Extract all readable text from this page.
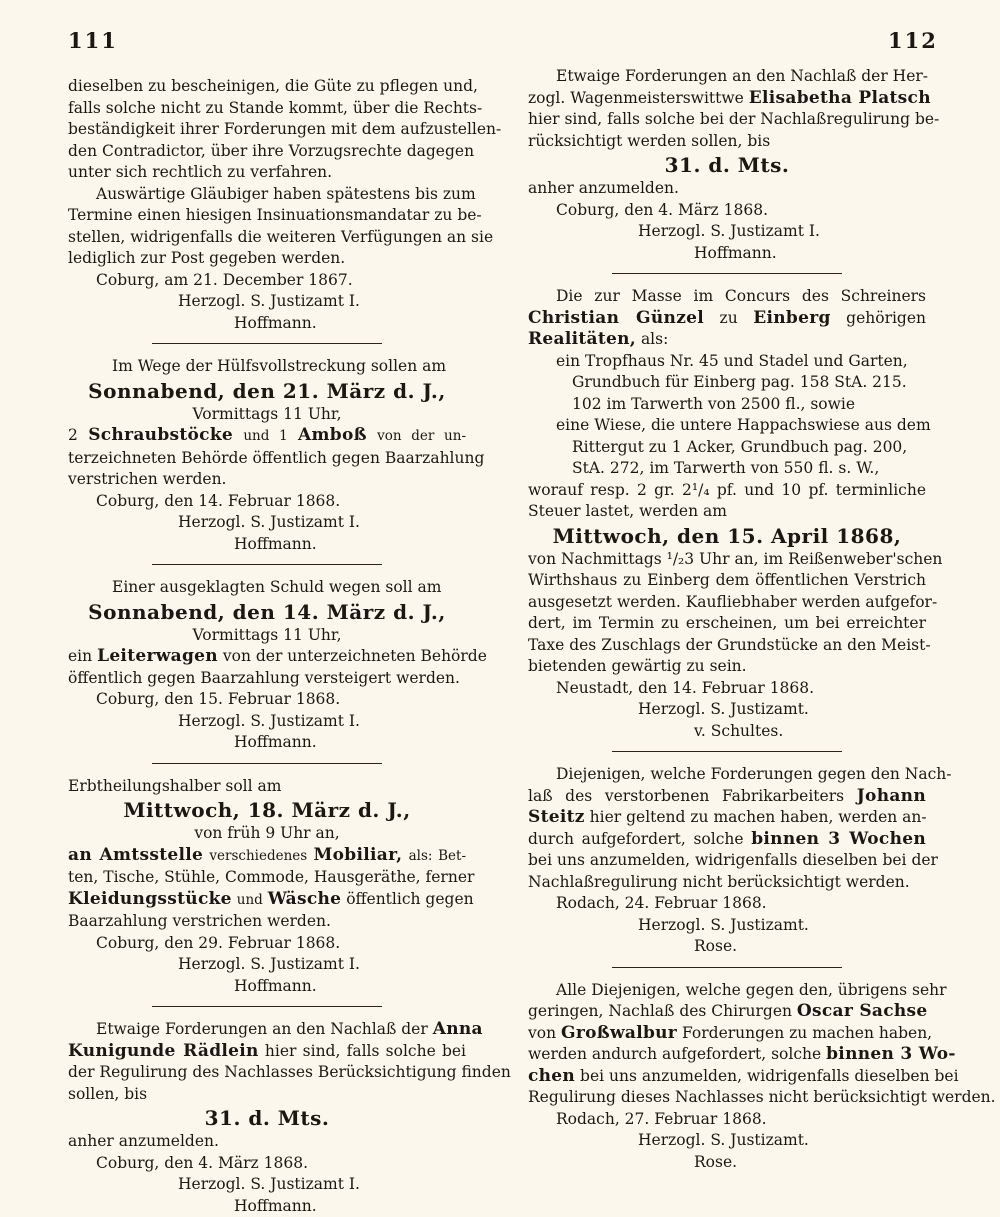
111	112
dieselben zu bescheinigen, die Güte zu pflegen und,
falls solche nicht zu Stande kommt, über die Rechts-
beständigkeit ihrer Forderungen mit dem aufzustellen-
den Contradictor, über ihre Vorzugsrechte dagegen
unter sich rechtlich zu verfahren.
Auswärtige Gläubiger haben spätestens bis zum
Termine einen hiesigen Insinuationsmandatar zu be-
stellen, widrigenfalls die weiteren Verfügungen an sie
lediglich zur Post gegeben werden.
Coburg, am 21. December 1867.
Herzogl. S. Justizamt I.
Hoffmann.
Im Wege der Hülfsvollstreckung sollen am
Sonnabend, den 21. März d. J.,
Vormittags 11 Uhr,
2 Schraubstöcke und 1 Amboß von der un-
terzeichneten Behörde öffentlich gegen Baarzahlung
verstrichen werden.
Coburg, den 14. Februar 1868.
Herzogl. S. Justizamt I.
Hoffmann.
Einer ausgeklagten Schuld wegen soll am
Sonnabend, den 14. März d. J.,
Vormittags 11 Uhr,
ein Leiterwagen von der unterzeichneten Behörde
öffentlich gegen Baarzahlung versteigert werden.
Coburg, den 15. Februar 1868.
Herzogl. S. Justizamt I.
Hoffmann.
Erbtheilungshalber soll am
Mittwoch, 18. März d. J.,
von früh 9 Uhr an,
an Amtsstelle verschiedenes Mobiliar, als: Bet-
ten, Tische, Stühle, Commode, Hausgeräthe, ferner
Kleidungsstücke und Wäsche öffentlich gegen
Baarzahlung verstrichen werden.
Coburg, den 29. Februar 1868.
Herzogl. S. Justizamt I.
Hoffmann.
Etwaige Forderungen an den Nachlaß der Anna
Kunigunde Rädlein hier sind, falls solche bei
der Regulirung des Nachlasses Berücksichtigung finden
sollen, bis
31. d. Mts.
anher anzumelden.
Coburg, den 4. März 1868.
Herzogl. S. Justizamt I.
Hoffmann.
Etwaige Forderungen an den Nachlaß der Her-
zogl. Wagenmeisterswittwe Elisabetha Platsch
hier sind, falls solche bei der Nachlaßregulirung be-
rücksichtigt werden sollen, bis
31. d. Mts.
anher anzumelden.
Coburg, den 4. März 1868.
Herzogl. S. Justizamt I.
Hoffmann.
Die zur Masse im Concurs des Schreiners
Christian Günzel zu Einberg gehörigen
Realitäten, als:
ein Tropfhaus Nr. 45 und Stadel und Garten,
Grundbuch für Einberg pag. 158 StA. 215.
102 im Tarwerth von 2500 fl., sowie
eine Wiese, die untere Happachswiese aus dem
Rittergut zu 1 Acker, Grundbuch pag. 200,
StA. 272, im Tarwerth von 550 fl. s. W.,
worauf resp. 2 gr. 2¹/₄ pf. und 10 pf. terminliche
Steuer lastet, werden am
Mittwoch, den 15. April 1868,
von Nachmittags ¹/₂3 Uhr an, im Reißenweber'schen
Wirthshaus zu Einberg dem öffentlichen Verstrich
ausgesetzt werden. Kaufliebhaber werden aufgefor-
dert, im Termin zu erscheinen, um bei erreichter
Taxe des Zuschlags der Grundstücke an den Meist-
bietenden gewärtig zu sein.
Neustadt, den 14. Februar 1868.
Herzogl. S. Justizamt.
v. Schultes.
Diejenigen, welche Forderungen gegen den Nach-
laß des verstorbenen Fabrikarbeiters Johann
Steitz hier geltend zu machen haben, werden an-
durch aufgefordert, solche binnen 3 Wochen
bei uns anzumelden, widrigenfalls dieselben bei der
Nachlaßregulirung nicht berücksichtigt werden.
Rodach, 24. Februar 1868.
Herzogl. S. Justizamt.
Rose.
Alle Diejenigen, welche gegen den, übrigens sehr
geringen, Nachlaß des Chirurgen Oscar Sachse
von Großwalbur Forderungen zu machen haben,
werden andurch aufgefordert, solche binnen 3 Wo-
chen bei uns anzumelden, widrigenfalls dieselben bei
Regulirung dieses Nachlasses nicht berücksichtigt werden.
Rodach, 27. Februar 1868.
Herzogl. S. Justizamt.
Rose.
